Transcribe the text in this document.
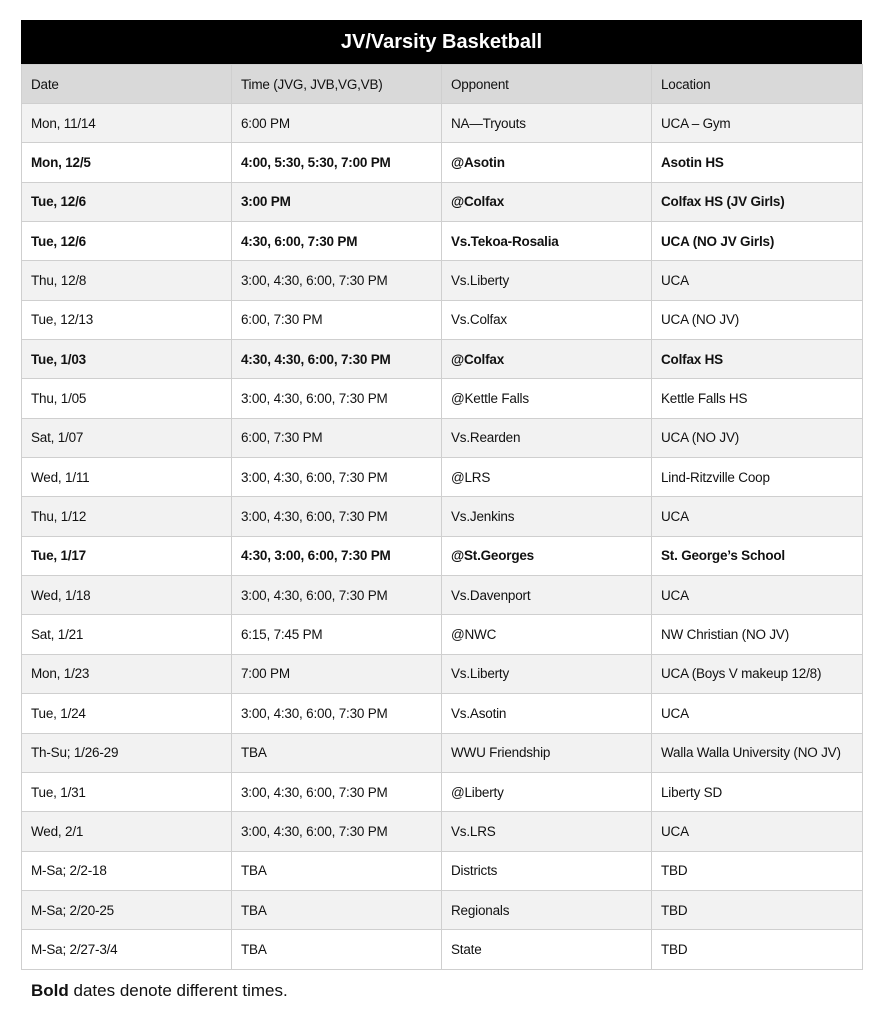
JV/Varsity Basketball
Date	Time (JVG, JVB,VG,VB)	Opponent	Location
Mon, 11/14	6:00 PM	NA—Tryouts	UCA – Gym
Mon, 12/5	4:00, 5:30, 5:30, 7:00 PM	@Asotin	Asotin HS
Tue, 12/6	3:00 PM	@Colfax	Colfax HS (JV Girls)
Tue, 12/6	4:30, 6:00, 7:30 PM	Vs.Tekoa-Rosalia	UCA (NO JV Girls)
Thu, 12/8	3:00, 4:30, 6:00, 7:30 PM	Vs.Liberty	UCA
Tue, 12/13	6:00, 7:30 PM	Vs.Colfax	UCA (NO JV)
Tue, 1/03	4:30, 4:30, 6:00, 7:30 PM	@Colfax	Colfax HS
Thu, 1/05	3:00, 4:30, 6:00, 7:30 PM	@Kettle Falls	Kettle Falls HS
Sat, 1/07	6:00, 7:30 PM	Vs.Rearden	UCA (NO JV)
Wed, 1/11	3:00, 4:30, 6:00, 7:30 PM	@LRS	Lind-Ritzville Coop
Thu, 1/12	3:00, 4:30, 6:00, 7:30 PM	Vs.Jenkins	UCA
Tue, 1/17	4:30, 3:00, 6:00, 7:30 PM	@St.Georges	St. George’s School
Wed, 1/18	3:00, 4:30, 6:00, 7:30 PM	Vs.Davenport	UCA
Sat, 1/21	6:15, 7:45 PM	@NWC	NW Christian (NO JV)
Mon, 1/23	7:00 PM	Vs.Liberty	UCA (Boys V makeup 12/8)
Tue, 1/24	3:00, 4:30, 6:00, 7:30 PM	Vs.Asotin	UCA
Th-Su; 1/26-29	TBA	WWU Friendship	Walla Walla University (NO JV)
Tue, 1/31	3:00, 4:30, 6:00, 7:30 PM	@Liberty	Liberty SD
Wed, 2/1	3:00, 4:30, 6:00, 7:30 PM	Vs.LRS	UCA
M-Sa; 2/2-18	TBA	Districts	TBD
M-Sa; 2/20-25	TBA	Regionals	TBD
M-Sa; 2/27-3/4	TBA	State	TBD
Bold dates denote different times.
